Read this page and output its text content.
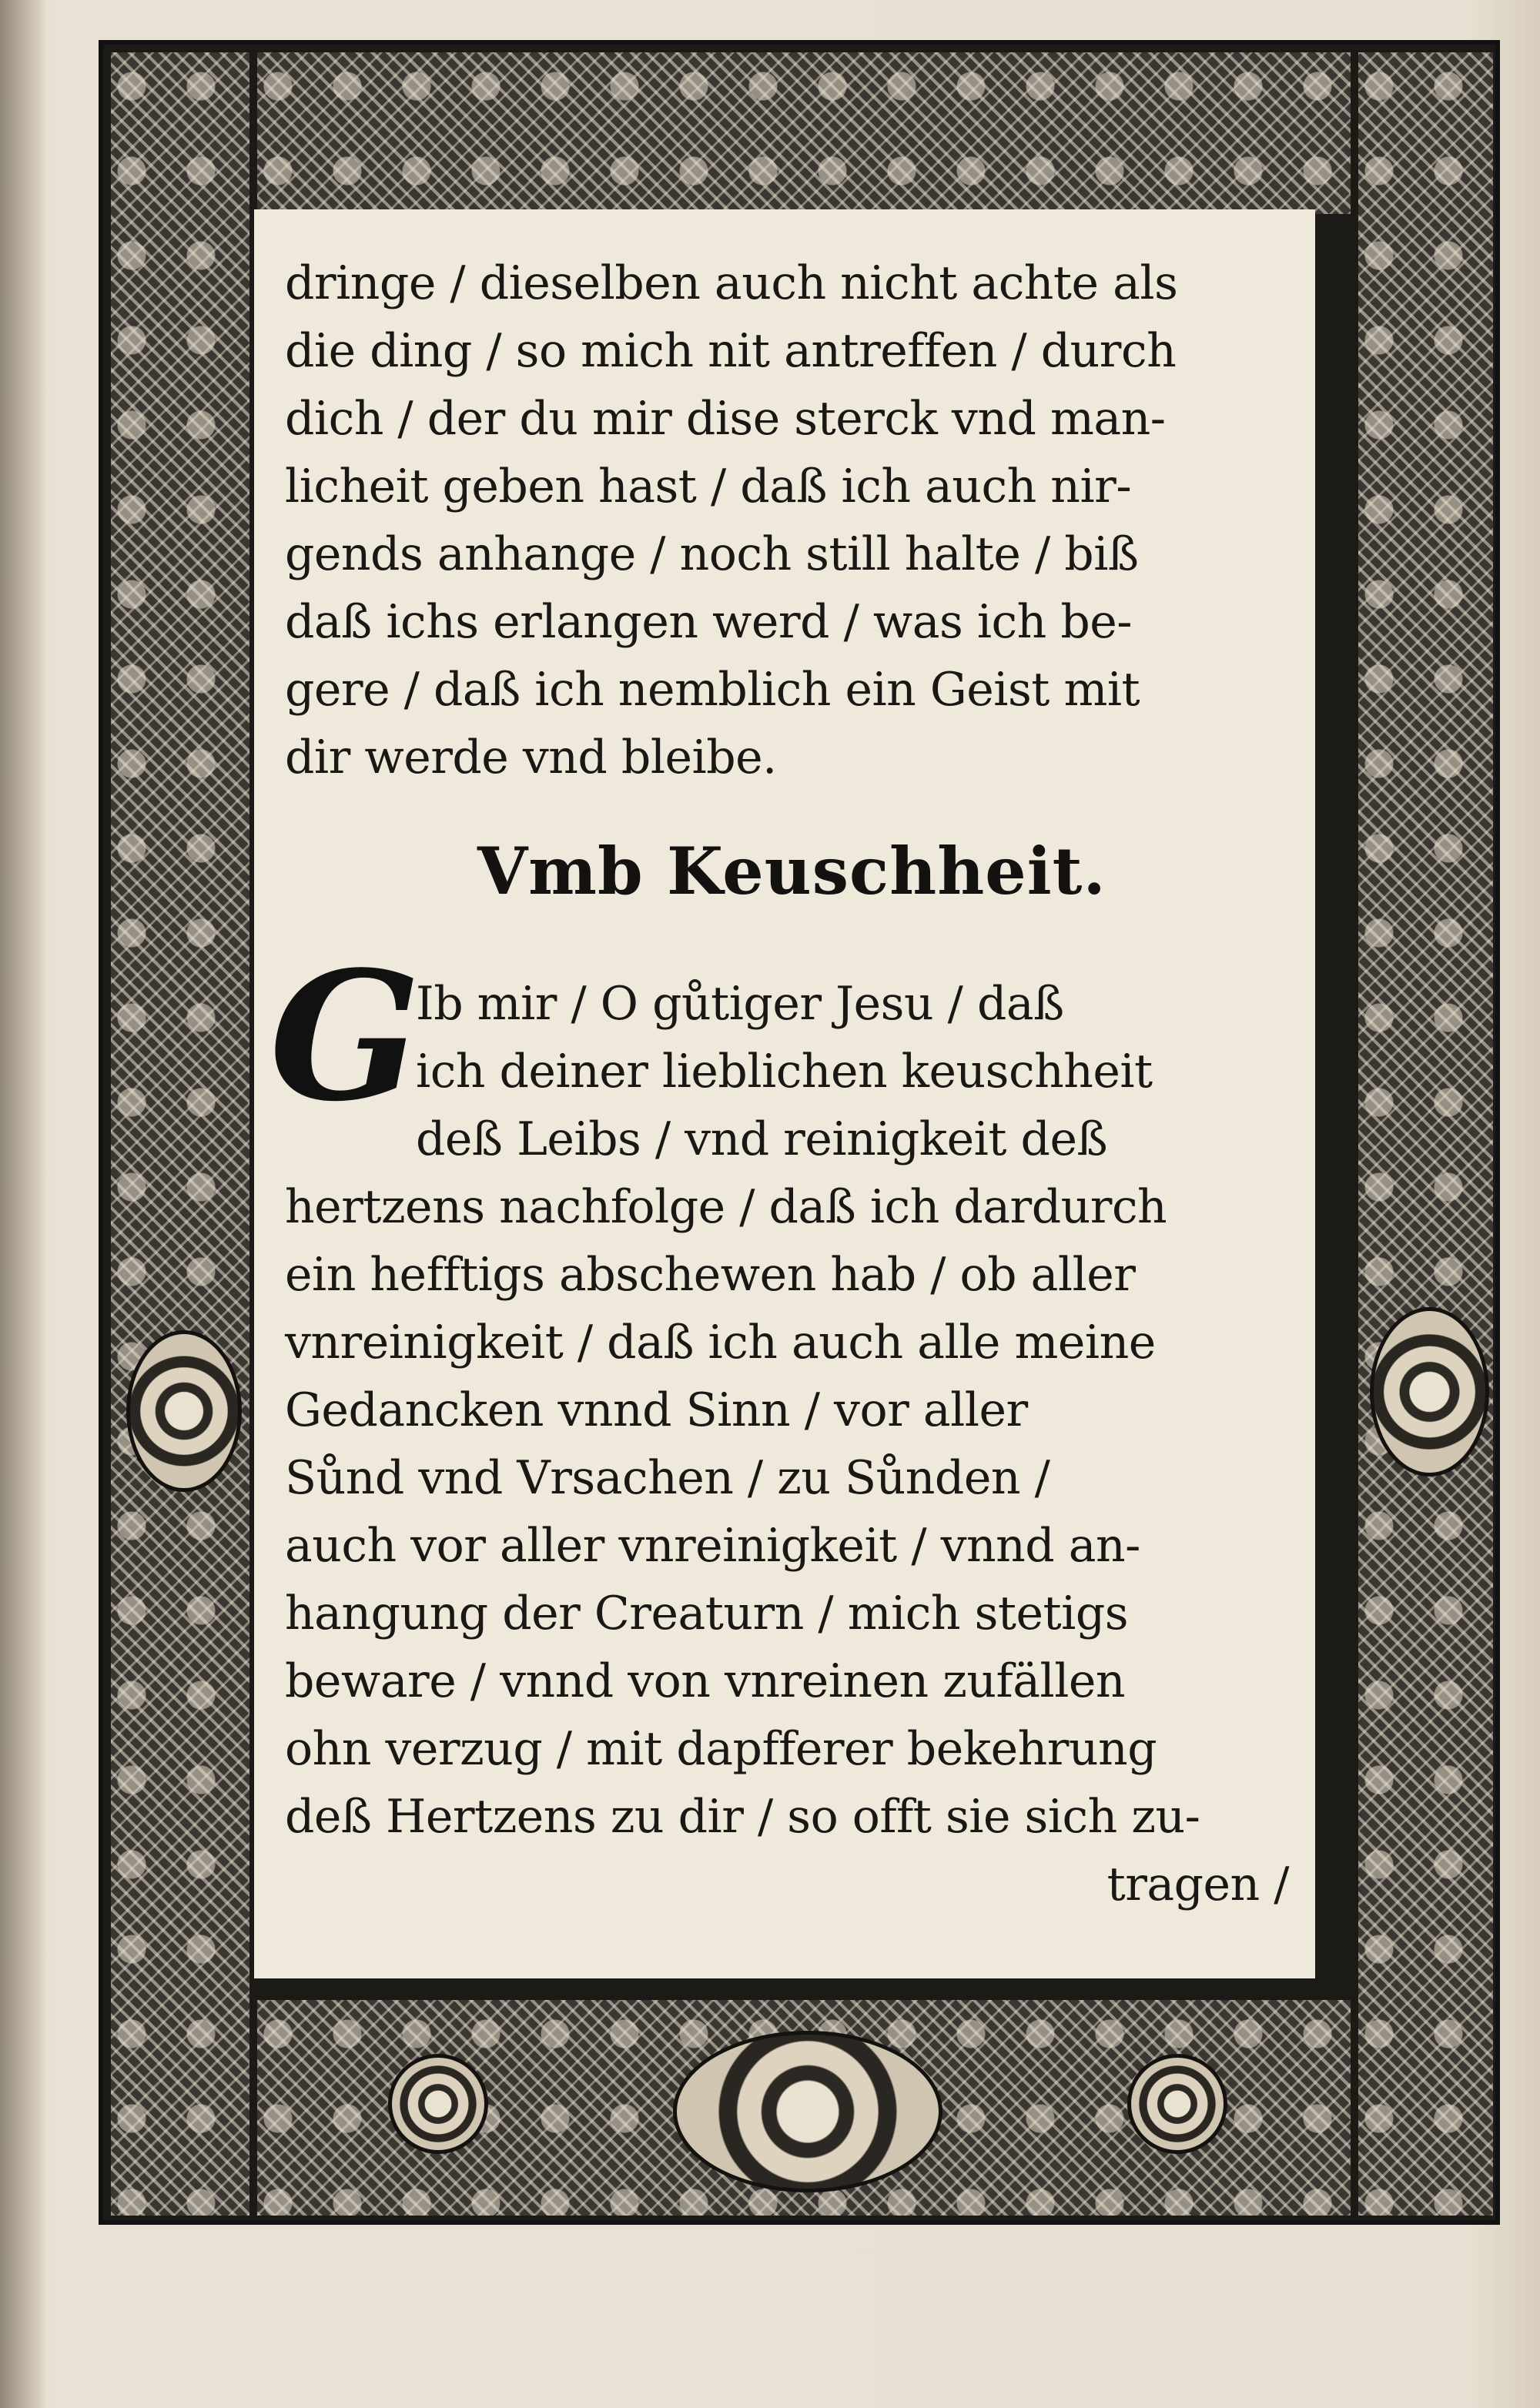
dringe / dieselben auch nicht achte als
die ding / so mich nit antreffen / durch
dich / der du mir dise sterck vnd man-
licheit geben hast / daß ich auch nir-
gends anhange / noch still halte / biß
daß ichs erlangen werd / was ich be-
gere / daß ich nemblich ein Geist mit
dir werde vnd bleibe.
Vmb Keuschheit.
G
Ib mir / O gůtiger Jesu / daß
ich deiner lieblichen keuschheit
deß Leibs / vnd reinigkeit deß
hertzens nachfolge / daß ich dardurch
ein hefftigs abschewen hab / ob aller
vnreinigkeit / daß ich auch alle meine
Gedancken vnnd Sinn / vor aller
Sůnd vnd Vrsachen / zu Sůnden /
auch vor aller vnreinigkeit / vnnd an-
hangung der Creaturn / mich stetigs
beware / vnnd von vnreinen zufällen
ohn verzug / mit dapfferer bekehrung
deß Hertzens zu dir / so offt sie sich zu-
tragen /
